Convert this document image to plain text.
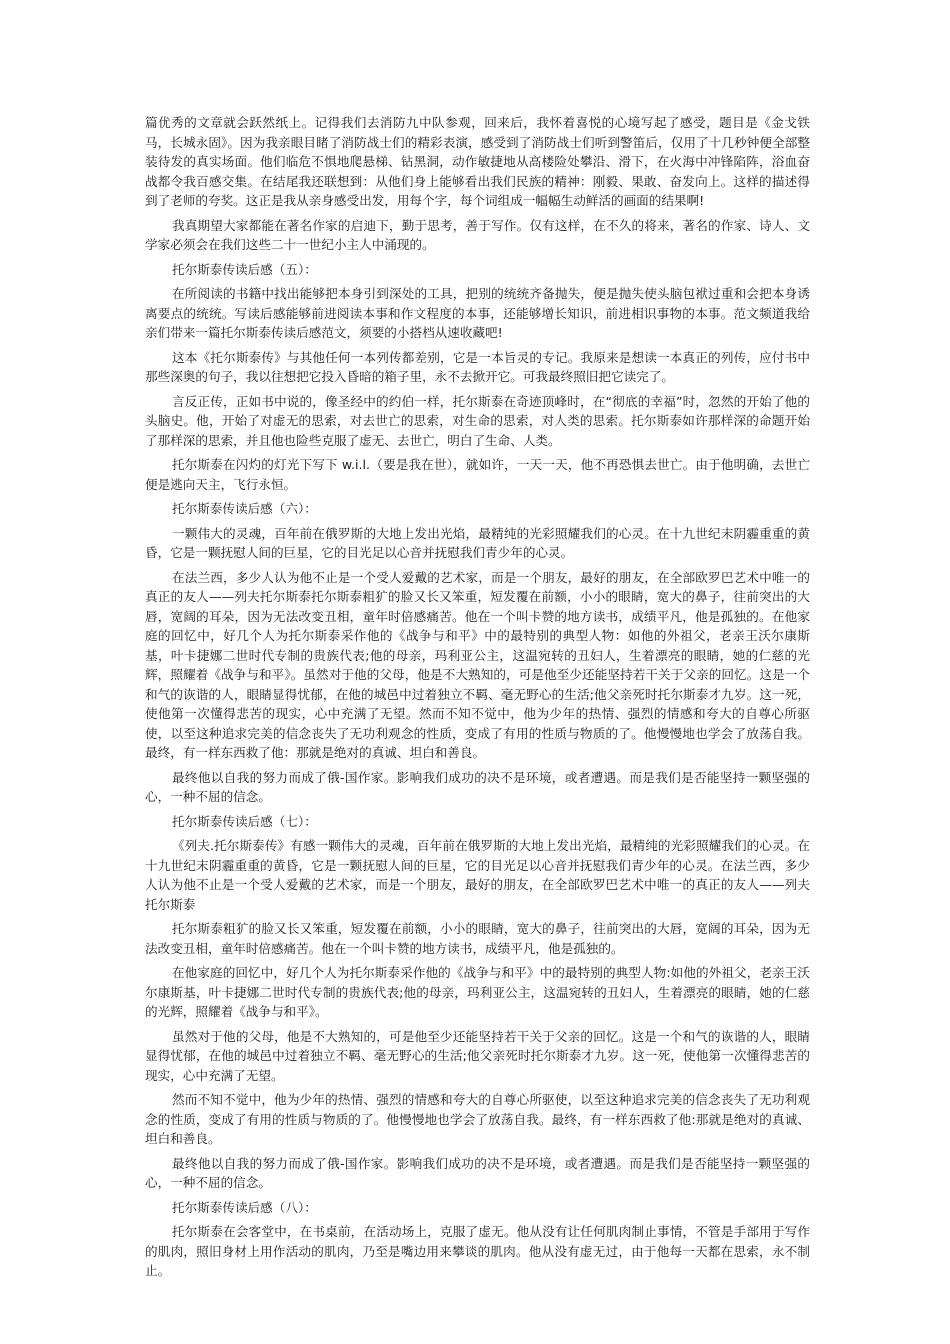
篇优秀的文章就会跃然纸上。记得我们去消防九中队参观，回来后，我怀着喜悦的心境写起了感受，题目是《金戈铁马，长城永固》。因为我亲眼目睹了消防战士们的精彩表演，感受到了消防战士们听到警笛后，仅用了十几秒钟便全部整装待发的真实场面。他们临危不惧地爬悬梯、钻黑洞，动作敏捷地从高楼险处攀沿、滑下，在火海中冲锋陷阵，浴血奋战都令我百感交集。在结尾我还联想到：从他们身上能够看出我们民族的精神：刚毅、果敢、奋发向上。这样的描述得到了老师的夸奖。这正是我从亲身感受出发，用每个字，每个词组成一幅幅生动鲜活的画面的结果啊!

我真期望大家都能在著名作家的启迪下，勤于思考，善于写作。仅有这样，在不久的将来，著名的作家、诗人、文学家必须会在我们这些二十一世纪小主人中涌现的。

托尔斯泰传读后感（五）：

在所阅读的书籍中找出能够把本身引到深处的工具，把别的统统齐备抛失，便是抛失使头脑包袱过重和会把本身诱离要点的统统。写读后感能够前进阅读本事和作文程度的本事，还能够增长知识，前进相识事物的本事。范文频道我给亲们带来一篇托尔斯泰传读后感范文，须要的小搭档从速收藏吧!

这本《托尔斯泰传》与其他任何一本列传都差别，它是一本旨灵的专记。我原来是想读一本真正的列传，应付书中那些深奥的句子，我以往想把它投入昏暗的箱子里，永不去掀开它。可我最终照旧把它读完了。

言反正传，正如书中说的，像圣经中的约伯一样，托尔斯泰在奇迹顶峰时，在“彻底的幸福”时，忽然的开始了他的头脑史。他，开始了对虚无的思索，对去世亡的思索，对生命的思索，对人类的思索。托尔斯泰如许那样深的命题开始了那样深的思索，并且他也险些克服了虚无、去世亡，明白了生命、人类。

托尔斯泰在闪灼的灯光下写下 w.i.l.（要是我在世），就如许，一天一天，他不再恐惧去世亡。由于他明确，去世亡便是逃向天主，飞行永恒。

托尔斯泰传读后感（六）：

一颗伟大的灵魂，百年前在俄罗斯的大地上发出光焰，最精纯的光彩照耀我们的心灵。在十九世纪末阴霾重重的黄昏，它是一颗抚慰人间的巨星，它的目光足以心音并抚慰我们青少年的心灵。

在法兰西，多少人认为他不止是一个受人爱戴的艺术家，而是一个朋友，最好的朋友，在全部欧罗巴艺术中唯一的真正的友人——列夫托尔斯泰托尔斯泰粗犷的脸又长又笨重，短发覆在前额，小小的眼睛，宽大的鼻子，往前突出的大唇，宽阔的耳朵，因为无法改变丑相，童年时倍感痛苦。他在一个叫卡赞的地方读书，成绩平凡，他是孤独的。在他家庭的回忆中，好几个人为托尔斯泰采作他的《战争与和平》中的最特别的典型人物：如他的外祖父，老亲王沃尔康斯基，叶卡捷娜二世时代专制的贵族代表;他的母亲，玛利亚公主，这温宛转的丑妇人，生着漂亮的眼睛，她的仁慈的光辉，照耀着《战争与和平》。虽然对于他的父母，他是不大熟知的，可是他至少还能坚持若干关于父亲的回忆。这是一个和气的诙谐的人，眼睛显得忧郁，在他的城邑中过着独立不羁、毫无野心的生活;他父亲死时托尔斯泰才九岁。这一死，使他第一次懂得悲苦的现实，心中充满了无望。然而不知不觉中，他为少年的热情、强烈的情感和夸大的自尊心所驱使，以至这种追求完美的信念丧失了无功利观念的性质，变成了有用的性质与物质的了。他慢慢地也学会了放荡自我。最终，有一样东西救了他：那就是绝对的真诚、坦白和善良。

最终他以自我的努力而成了俄-国作家。影响我们成功的决不是环境，或者遭遇。而是我们是否能坚持一颗坚强的心，一种不屈的信念。

托尔斯泰传读后感（七）：

《列夫.托尔斯泰传》有感一颗伟大的灵魂，百年前在俄罗斯的大地上发出光焰，最精纯的光彩照耀我们的心灵。在十九世纪末阴霾重重的黄昏，它是一颗抚慰人间的巨星，它的目光足以心音并抚慰我们青少年的心灵。在法兰西，多少人认为他不止是一个受人爱戴的艺术家，而是一个朋友，最好的朋友，在全部欧罗巴艺术中唯一的真正的友人——列夫托尔斯泰

托尔斯泰粗犷的脸又长又笨重，短发覆在前额，小小的眼睛，宽大的鼻子，往前突出的大唇，宽阔的耳朵，因为无法改变丑相，童年时倍感痛苦。他在一个叫卡赞的地方读书，成绩平凡，他是孤独的。

在他家庭的回忆中，好几个人为托尔斯泰采作他的《战争与和平》中的最特别的典型人物:如他的外祖父，老亲王沃尔康斯基，叶卡捷娜二世时代专制的贵族代表;他的母亲，玛利亚公主，这温宛转的丑妇人，生着漂亮的眼睛，她的仁慈的光辉，照耀着《战争与和平》。

虽然对于他的父母，他是不大熟知的，可是他至少还能坚持若干关于父亲的回忆。这是一个和气的诙谐的人，眼睛显得忧郁，在他的城邑中过着独立不羁、毫无野心的生活;他父亲死时托尔斯泰才九岁。这一死，使他第一次懂得悲苦的现实，心中充满了无望。

然而不知不觉中，他为少年的热情、强烈的情感和夸大的自尊心所驱使，以至这种追求完美的信念丧失了无功利观念的性质，变成了有用的性质与物质的了。他慢慢地也学会了放荡自我。最终，有一样东西救了他:那就是绝对的真诚、坦白和善良。

最终他以自我的努力而成了俄-国作家。影响我们成功的决不是环境，或者遭遇。而是我们是否能坚持一颗坚强的心，一种不屈的信念。

托尔斯泰传读后感（八）：

托尔斯泰在会客堂中，在书桌前，在活动场上，克服了虚无。他从没有让任何肌肉制止事情，不管是手部用于写作的肌肉，照旧身材上用作活动的肌肉，乃至是嘴边用来攀谈的肌肉。他从没有虚无过，由于他每一天都在思索，永不制止。
